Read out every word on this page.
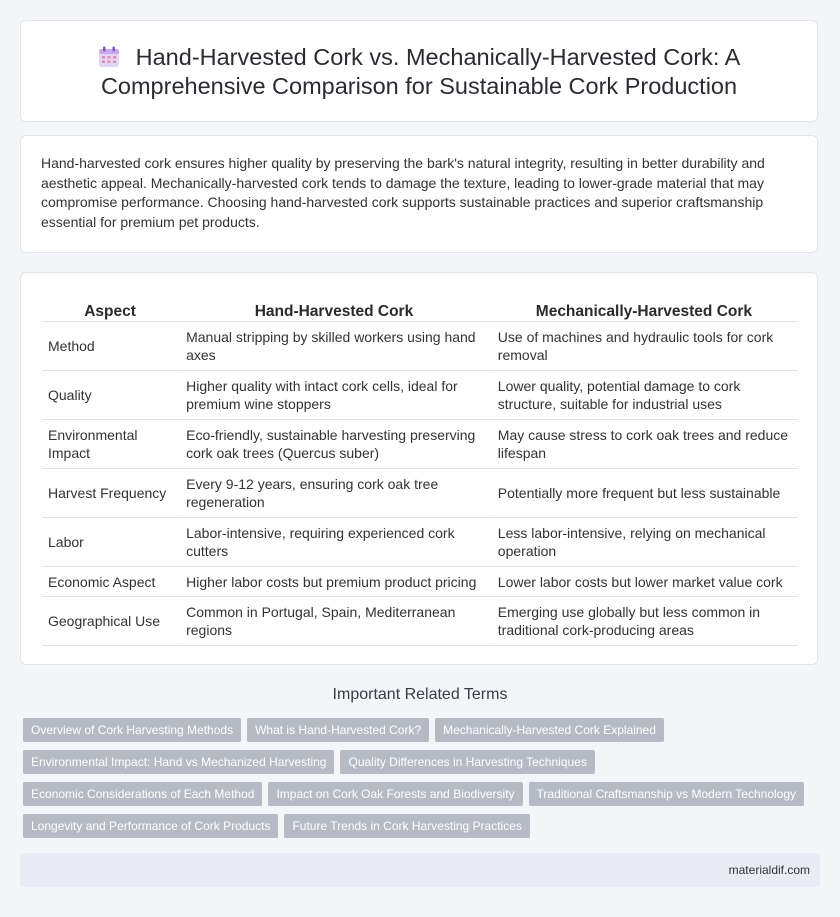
Hand-Harvested Cork vs. Mechanically-Harvested Cork: A Comprehensive Comparison for Sustainable Cork Production
Hand-harvested cork ensures higher quality by preserving the bark's natural integrity, resulting in better durability and aesthetic appeal. Mechanically-harvested cork tends to damage the texture, leading to lower-grade material that may compromise performance. Choosing hand-harvested cork supports sustainable practices and superior craftsmanship essential for premium pet products.
Aspect	Hand-Harvested Cork	Mechanically-Harvested Cork
Method	Manual stripping by skilled workers using hand axes	Use of machines and hydraulic tools for cork removal
Quality	Higher quality with intact cork cells, ideal for premium wine stoppers	Lower quality, potential damage to cork structure, suitable for industrial uses
Environmental Impact	Eco-friendly, sustainable harvesting preserving cork oak trees (Quercus suber)	May cause stress to cork oak trees and reduce lifespan
Harvest Frequency	Every 9-12 years, ensuring cork oak tree regeneration	Potentially more frequent but less sustainable
Labor	Labor-intensive, requiring experienced cork cutters	Less labor-intensive, relying on mechanical operation
Economic Aspect	Higher labor costs but premium product pricing	Lower labor costs but lower market value cork
Geographical Use	Common in Portugal, Spain, Mediterranean regions	Emerging use globally but less common in traditional cork-producing areas
Important Related Terms
Overview of Cork Harvesting Methods What is Hand-Harvested Cork? Mechanically-Harvested Cork Explained
Environmental Impact: Hand vs Mechanized Harvesting Quality Differences in Harvesting Techniques
Economic Considerations of Each Method Impact on Cork Oak Forests and Biodiversity Traditional Craftsmanship vs Modern Technology
Longevity and Performance of Cork Products Future Trends in Cork Harvesting Practices
materialdif.com
